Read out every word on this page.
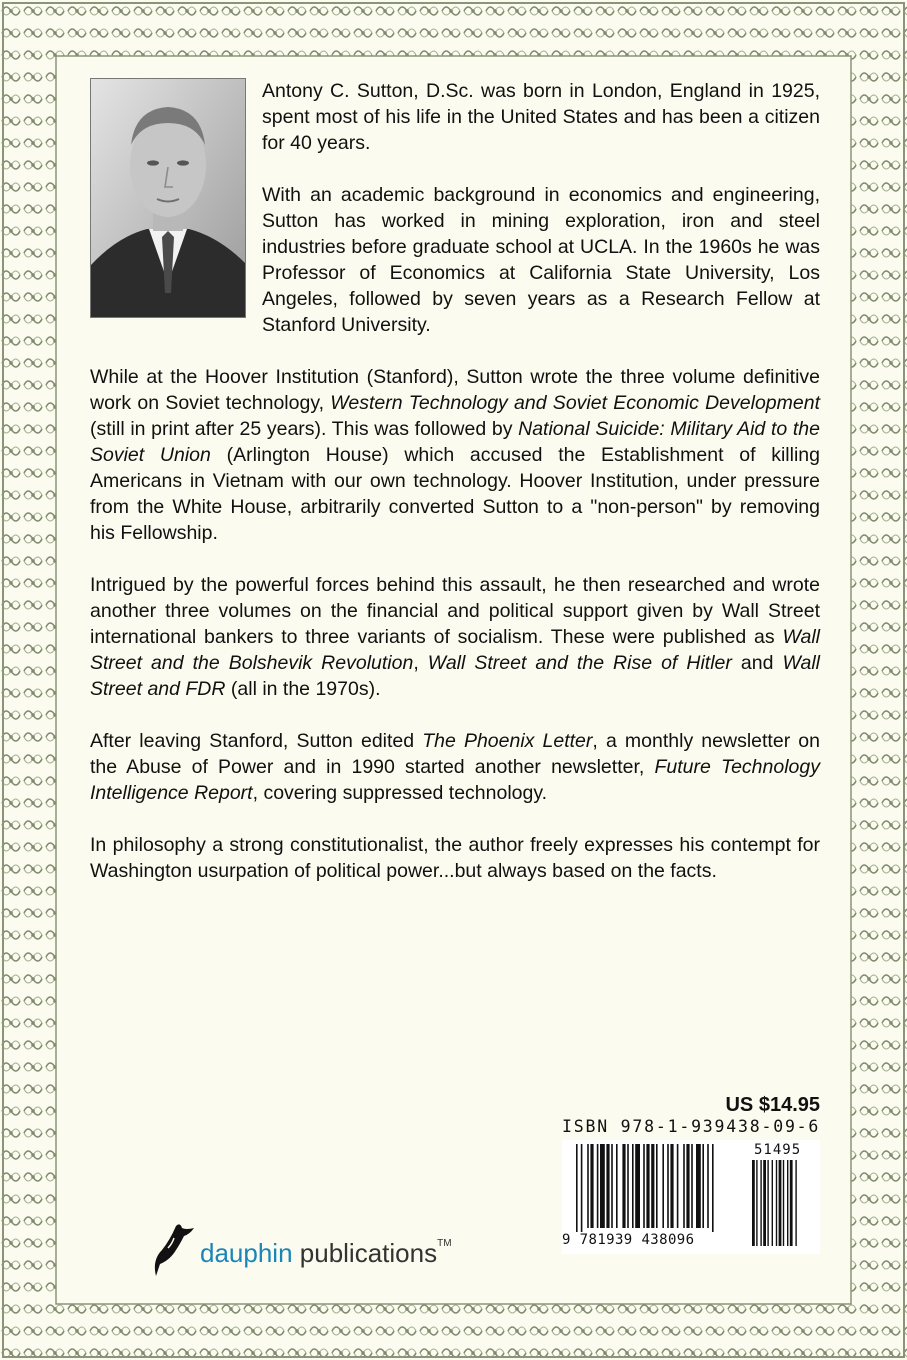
Antony C. Sutton, D.Sc. was born in London, England in 1925, spent most of his life in the United States and has been a citizen for 40 years.

With an academic background in economics and engineering, Sutton has worked in mining exploration, iron and steel industries before graduate school at UCLA. In the 1960s he was Professor of Economics at California State University, Los Angeles, followed by seven years as a Research Fellow at Stanford University.

While at the Hoover Institution (Stanford), Sutton wrote the three volume definitive work on Soviet technology, Western Technology and Soviet Economic Development (still in print after 25 years). This was followed by National Suicide: Military Aid to the Soviet Union (Arlington House) which accused the Establishment of killing Americans in Vietnam with our own technology. Hoover Institution, under pressure from the White House, arbitrarily converted Sutton to a "non-person" by removing his Fellowship.

Intrigued by the powerful forces behind this assault, he then researched and wrote another three volumes on the financial and political support given by Wall Street international bankers to three variants of socialism. These were published as Wall Street and the Bolshevik Revolution, Wall Street and the Rise of Hitler and Wall Street and FDR (all in the 1970s).

After leaving Stanford, Sutton edited The Phoenix Letter, a monthly newsletter on the Abuse of Power and in 1990 started another newsletter, Future Technology Intelligence Report, covering suppressed technology.

In philosophy a strong constitutionalist, the author freely expresses his contempt for Washington usurpation of political power...but always based on the facts.

US $14.95
ISBN 978-1-939438-09-6
51495
9 781939 438096
dauphin publications™
